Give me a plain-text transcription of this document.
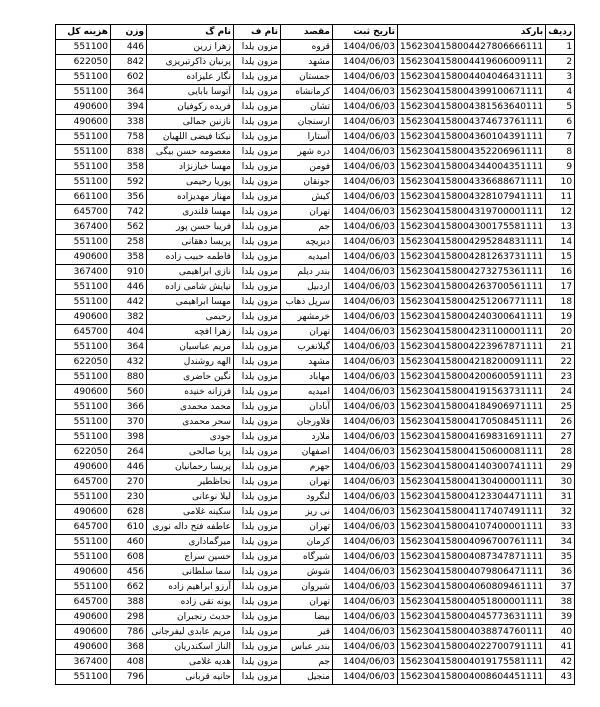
هزینه کل	وزن	نام گ	نام ف	مقصد	تاریخ ثبت	بارکد	ردیف
551100	446	زهرا زرین	مزون یلدا	قروه	1404/06/03	1562304158004427806666111	1
622050	842	پرنیان ذاکرتبریزی	مزون یلدا	مشهد	1404/06/03	1562304158004419606009111	2
551100	602	نگار علیزاده	مزون یلدا	جمستان	1404/06/03	1562304158004404046431111	3
551100	364	آتوسا بابایی	مزون یلدا	کرمانشاه	1404/06/03	1562304158004399100671111	4
490600	394	فریده رکوفیان	مزون یلدا	تشان	1404/06/03	1562304158004381563640111	5
490600	338	نازنین جمالی	مزون یلدا	ارسنجان	1404/06/03	1562304158004374673761111	6
551100	758	نیکتا فیضی اللهیان	مزون یلدا	آستارا	1404/06/03	1562304158004360104391111	7
551100	838	معصومه حسن بیگی	مزون یلدا	دره شهر	1404/06/03	1562304158004352206961111	8
551100	358	مهسا خبازنژاد	مزون یلدا	فومن	1404/06/03	1562304158004344004351111	9
551100	592	پوریا رحیمی	مزون یلدا	جونقان	1404/06/03	1562304158004336688671111	10
661100	356	مهناز مهدیزاده	مزون یلدا	کیش	1404/06/03	1562304158004328107941111	11
645700	742	مهسا قلندری	مزون یلدا	تهران	1404/06/03	1562304158004319700001111	12
367400	562	فریبا حسن پور	مزون یلدا	جم	1404/06/03	1562304158004300175581111	13
551100	258	پریسا دهقانی	مزون یلدا	دیزیچه	1404/06/03	1562304158004295284831111	14
490600	358	فاطمه حبیب زاده	مزون یلدا	امیدیه	1404/06/03	1562304158004281263731111	15
367400	910	نازی ابراهیمی	مزون یلدا	بندر دیلم	1404/06/03	1562304158004273275361111	16
551100	446	نیایش شامی زاده	مزون یلدا	اردبیل	1404/06/03	1562304158004263700561111	17
551100	442	مهسا ابراهیمی	مزون یلدا	سرپل ذهاب	1404/06/03	1562304158004251206771111	18
490600	382	رحیمی	مزون یلدا	خرمشهر	1404/06/03	1562304158004240300641111	19
645700	404	زهرا افچه	مزون یلدا	تهران	1404/06/03	1562304158004231100001111	20
551100	364	مریم عباسیان	مزون یلدا	گیلانغرب	1404/06/03	1562304158004223967871111	21
622050	432	الهه روشندل	مزون یلدا	مشهد	1404/06/03	1562304158004218200091111	22
551100	880	نگین حاضری	مزون یلدا	مهاباد	1404/06/03	1562304158004200600591111	23
490600	560	فرزانه خنیده	مزون یلدا	امیدیه	1404/06/03	1562304158004191563731111	24
551100	366	محمد محمدی	مزون یلدا	آبادان	1404/06/03	1562304158004184906971111	25
551100	370	سحر محمدی	مزون یلدا	فلاورجان	1404/06/03	1562304158004170508451111	26
551100	398	جودی	مزون یلدا	ملارد	1404/06/03	1562304158004169831691111	27
622050	264	پریا صالحی	مزون یلدا	اصفهان	1404/06/03	1562304158004150600081111	28
490600	446	پریسا رحمانیان	مزون یلدا	جهرم	1404/06/03	1562304158004140300741111	29
645700	270	نحاظطیر	مزون یلدا	تهران	1404/06/03	1562304158004130400001111	30
551100	230	لیلا نوعانی	مزون یلدا	لنگرود	1404/06/03	1562304158004123304471111	31
490600	628	سکینه غلامی	مزون یلدا	نی ریز	1404/06/03	1562304158004117407491111	32
645700	610	عاطفه فتح داله نوری	مزون یلدا	تهران	1404/06/03	1562304158004107400001111	33
551100	460	میرگماداری	مزون یلدا	کرمان	1404/06/03	1562304158004096700761111	34
551100	608	حسین سراج	مزون یلدا	شیرگاه	1404/06/03	1562304158004087347871111	35
490600	456	سما سلطانی	مزون یلدا	شوش	1404/06/03	1562304158004079806471111	36
551100	662	آرزو ابراهیم زاده	مزون یلدا	شیروان	1404/06/03	1562304158004060809461111	37
645700	388	یونه تقی زاده	مزون یلدا	تهران	1404/06/03	1562304158004051800001111	38
490600	298	حدیث رنجبران	مزون یلدا	بیضا	1404/06/03	1562304158004045773631111	39
490600	786	مریم عابدی لیفرجانی	مزون یلدا	قیر	1404/06/03	1562304158004038874760111	40
490600	368	الناز اسکندریان	مزون یلدا	بندر عباس	1404/06/03	1562304158004022700791111	41
367400	408	هدیه غلامی	مزون یلدا	جم	1404/06/03	1562304158004019175581111	42
551100	796	حانیه قربانی	مزون یلدا	منجیل	1404/06/03	1562304158004008604451111	43
